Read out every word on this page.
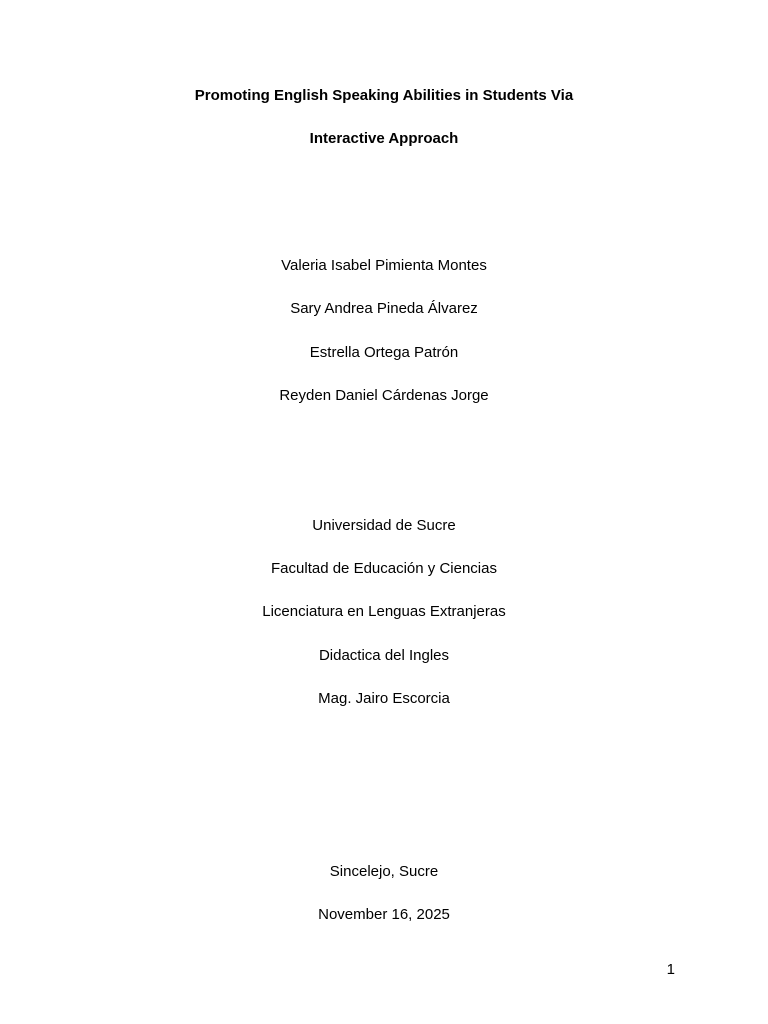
Promoting English Speaking Abilities in Students Via
Interactive Approach
Valeria Isabel Pimienta Montes
Sary Andrea Pineda Álvarez
Estrella Ortega Patrón
Reyden Daniel Cárdenas Jorge
Universidad de Sucre
Facultad de Educación y Ciencias
Licenciatura en Lenguas Extranjeras
Didactica del Ingles
Mag. Jairo Escorcia
Sincelejo, Sucre
November 16, 2025
1
